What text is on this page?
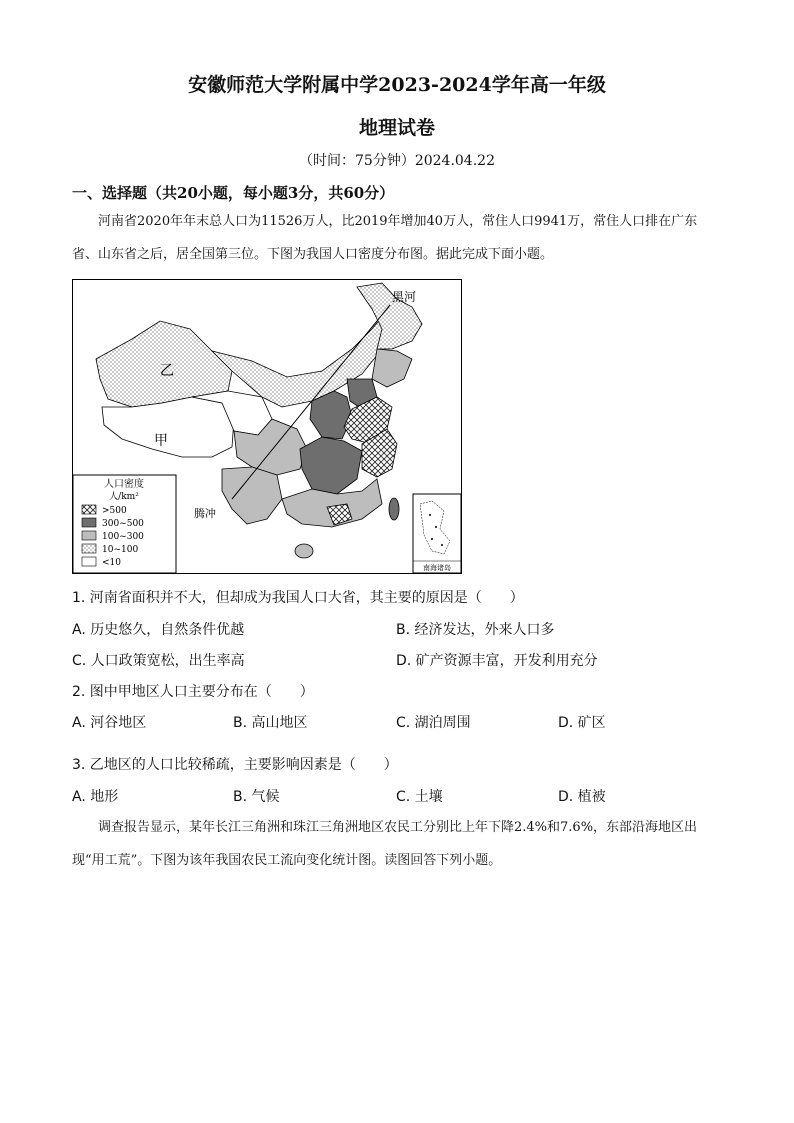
安徽师范大学附属中学2023-2024学年高一年级
地理试卷
（时间：75分钟）2024.04.22
一、选择题（共20小题，每小题3分，共60分）
河南省2020年年末总人口为11526万人，比2019年增加40万人，常住人口9941万，常住人口排在广东省、山东省之后，居全国第三位。下图为我国人口密度分布图。据此完成下面小题。
黑河
乙
甲
腾冲
人口密度
人/km²
>500
300~500
100~300
10~100
<10	南海诸岛
1. 河南省面积并不大，但却成为我国人口大省，其主要的原因是（　　）
A. 历史悠久，自然条件优越	B. 经济发达，外来人口多
C. 人口政策宽松，出生率高	D. 矿产资源丰富，开发利用充分
2. 图中甲地区人口主要分布在（　　）
A. 河谷地区	B. 高山地区	C. 湖泊周围	D. 矿区
3. 乙地区的人口比较稀疏，主要影响因素是（　　）
A. 地形	B. 气候	C. 土壤	D. 植被
调查报告显示，某年长江三角洲和珠江三角洲地区农民工分别比上年下降2.4%和7.6%，东部沿海地区出现“用工荒”。下图为该年我国农民工流向变化统计图。读图回答下列小题。
